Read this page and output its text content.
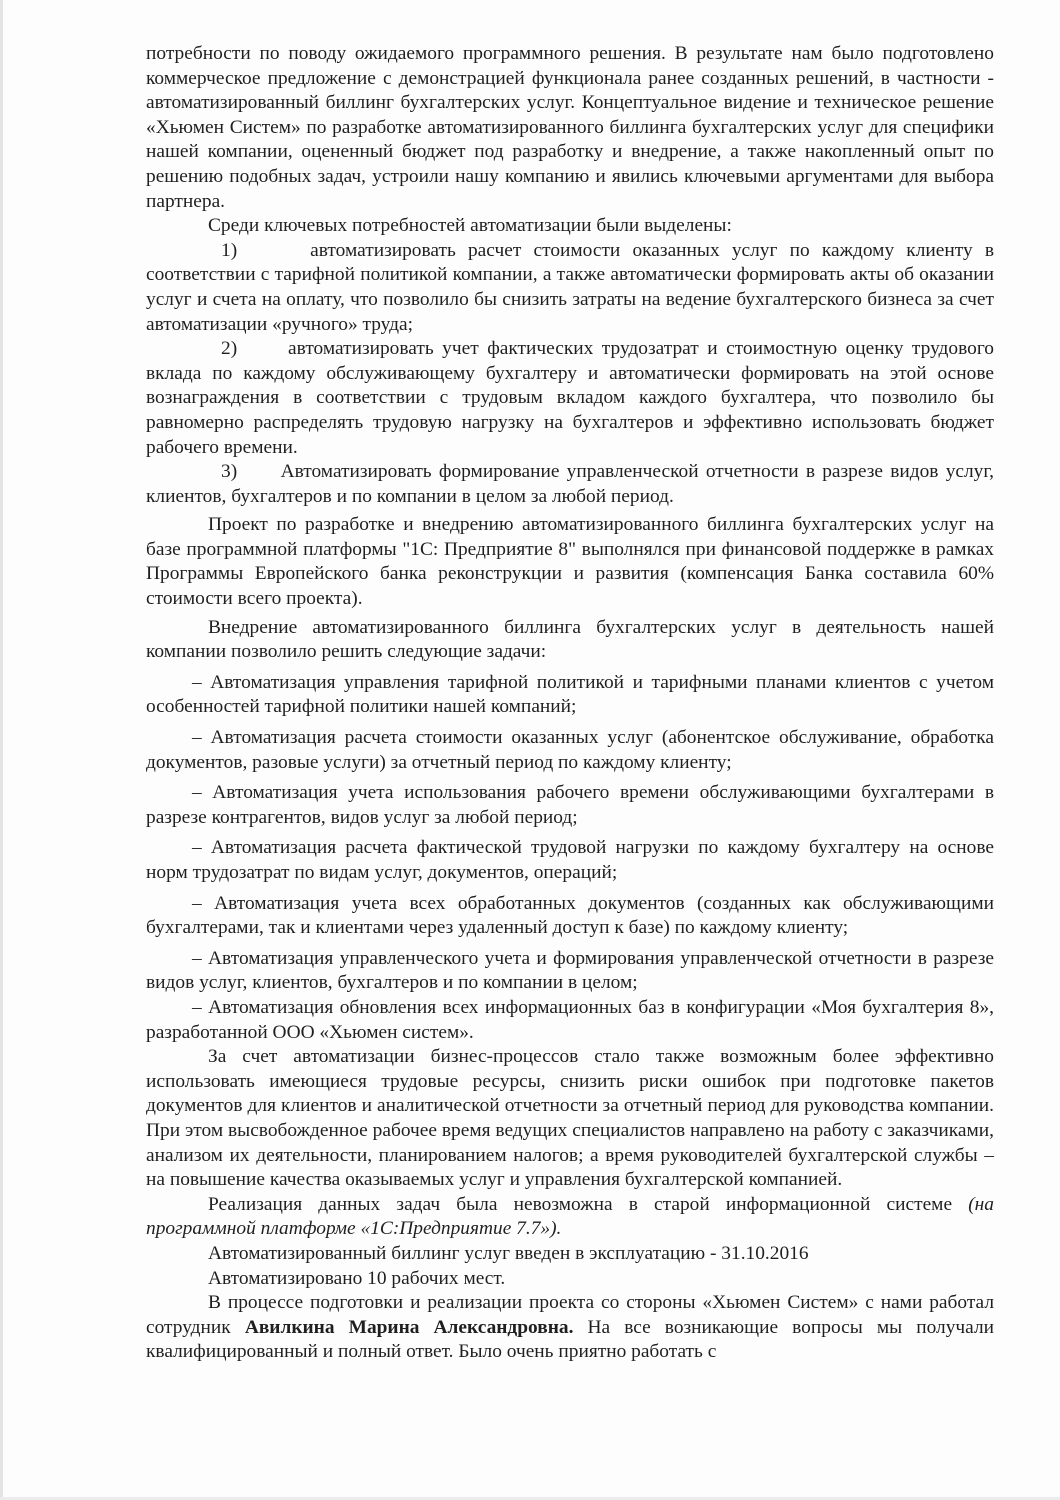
потребности по поводу ожидаемого программного решения. В результате нам было подготовлено коммерческое предложение с демонстрацией функционала ранее созданных решений, в частности - автоматизированный биллинг бухгалтерских услуг. Концептуальное видение и техническое решение «Хьюмен Систем» по разработке автоматизированного биллинга бухгалтерских услуг для специфики нашей компании, оцененный бюджет под разработку и внедрение, а также накопленный опыт по решению подобных задач, устроили нашу компанию и явились ключевыми аргументами для выбора партнера.

Среди ключевых потребностей автоматизации были выделены:

1)      автоматизировать расчет стоимости оказанных услуг по каждому клиенту в соответствии с тарифной политикой компании, а также автоматически формировать акты об оказании услуг и счета на оплату, что позволило бы снизить затраты на ведение бухгалтерского бизнеса за счет автоматизации «ручного» труда;

2)      автоматизировать учет фактических трудозатрат и стоимостную оценку трудового вклада по каждому обслуживающему бухгалтеру и автоматически формировать на этой основе вознаграждения в соответствии с трудовым вкладом каждого бухгалтера, что позволило бы равномерно распределять трудовую нагрузку на бухгалтеров и эффективно использовать бюджет рабочего времени.

3)      Автоматизировать формирование управленческой отчетности в разрезе видов услуг, клиентов, бухгалтеров и по компании в целом за любой период.

Проект по разработке и внедрению автоматизированного биллинга бухгалтерских услуг на базе программной платформы "1С: Предприятие 8" выполнялся при финансовой поддержке в рамках Программы Европейского банка реконструкции и развития (компенсация Банка составила 60% стоимости всего проекта).

Внедрение автоматизированного биллинга бухгалтерских услуг в деятельность нашей компании позволило решить следующие задачи:

– Автоматизация управления тарифной политикой и тарифными планами клиентов с учетом особенностей тарифной политики нашей компаний;

– Автоматизация расчета стоимости оказанных услуг (абонентское обслуживание, обработка документов, разовые услуги) за отчетный период по каждому клиенту;

– Автоматизация учета использования рабочего времени обслуживающими бухгалтерами в разрезе контрагентов, видов услуг за любой период;

– Автоматизация расчета фактической трудовой нагрузки по каждому бухгалтеру на основе норм трудозатрат по видам услуг, документов, операций;

– Автоматизация учета всех обработанных документов (созданных как обслуживающими бухгалтерами, так и клиентами через удаленный доступ к базе) по каждому клиенту;

– Автоматизация управленческого учета и формирования управленческой отчетности в разрезе видов услуг, клиентов, бухгалтеров и по компании в целом;

– Автоматизация обновления всех информационных баз в конфигурации «Моя бухгалтерия 8», разработанной ООО «Хьюмен систем».

За счет автоматизации бизнес-процессов стало также возможным более эффективно использовать имеющиеся трудовые ресурсы, снизить риски ошибок при подготовке пакетов документов для клиентов и аналитической отчетности за отчетный период для руководства компании. При этом высвобожденное рабочее время ведущих специалистов направлено на работу с заказчиками, анализом их деятельности, планированием налогов; а время руководителей бухгалтерской службы – на повышение качества оказываемых услуг и управления бухгалтерской компанией.

Реализация данных задач была невозможна в старой информационной системе (на программной платформе «1С:Предприятие 7.7»).

Автоматизированный биллинг услуг введен в эксплуатацию - 31.10.2016

Автоматизировано 10 рабочих мест.

В процессе подготовки и реализации проекта со стороны «Хьюмен Систем» с нами работал сотрудник Авилкина Марина Александровна. На все возникающие вопросы мы получали квалифицированный и полный ответ. Было очень приятно работать с
